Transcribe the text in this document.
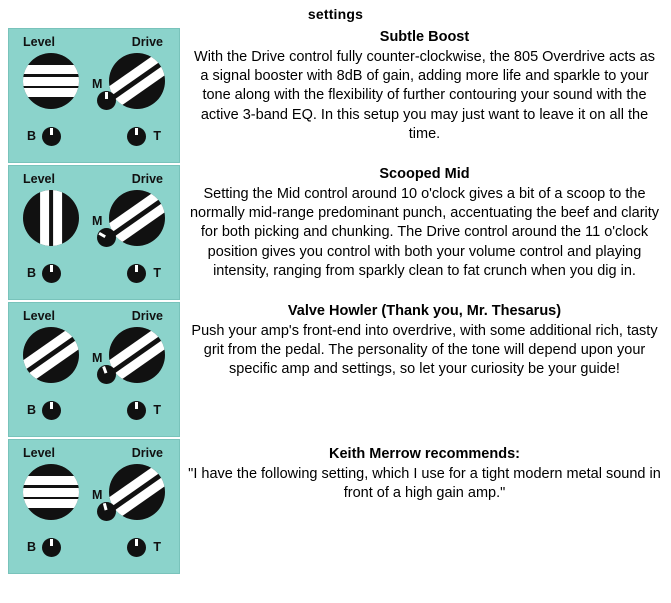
settings
Level	Drive
M
B	T
Subtle Boost
With the Drive control fully counter-clockwise, the 805 Overdrive acts as a signal booster with 8dB of gain, adding more life and sparkle to your tone along with the flexibility of further contouring your sound with the active 3-band EQ. In this setup you may just want to leave it on all the time.
Level	Drive
M
B	T
Scooped Mid
Setting the Mid control around 10 o'clock gives a bit of a scoop to the normally mid-range predominant punch, accentuating the beef and clarity for both picking and chunking. The Drive control around the 11 o'clock position gives you control with both your volume control and playing intensity, ranging from sparkly clean to fat crunch when you dig in.
Level	Drive
M
B	T
Valve Howler (Thank you, Mr. Thesarus)
Push your amp's front-end into overdrive, with some additional rich, tasty grit from the pedal. The personality of the tone will depend upon your specific amp and settings, so let your curiosity be your guide!
Level	Drive
M
B	T
Keith Merrow recommends:
"I have the following setting, which I use for a tight modern metal sound in front of a high gain amp."
